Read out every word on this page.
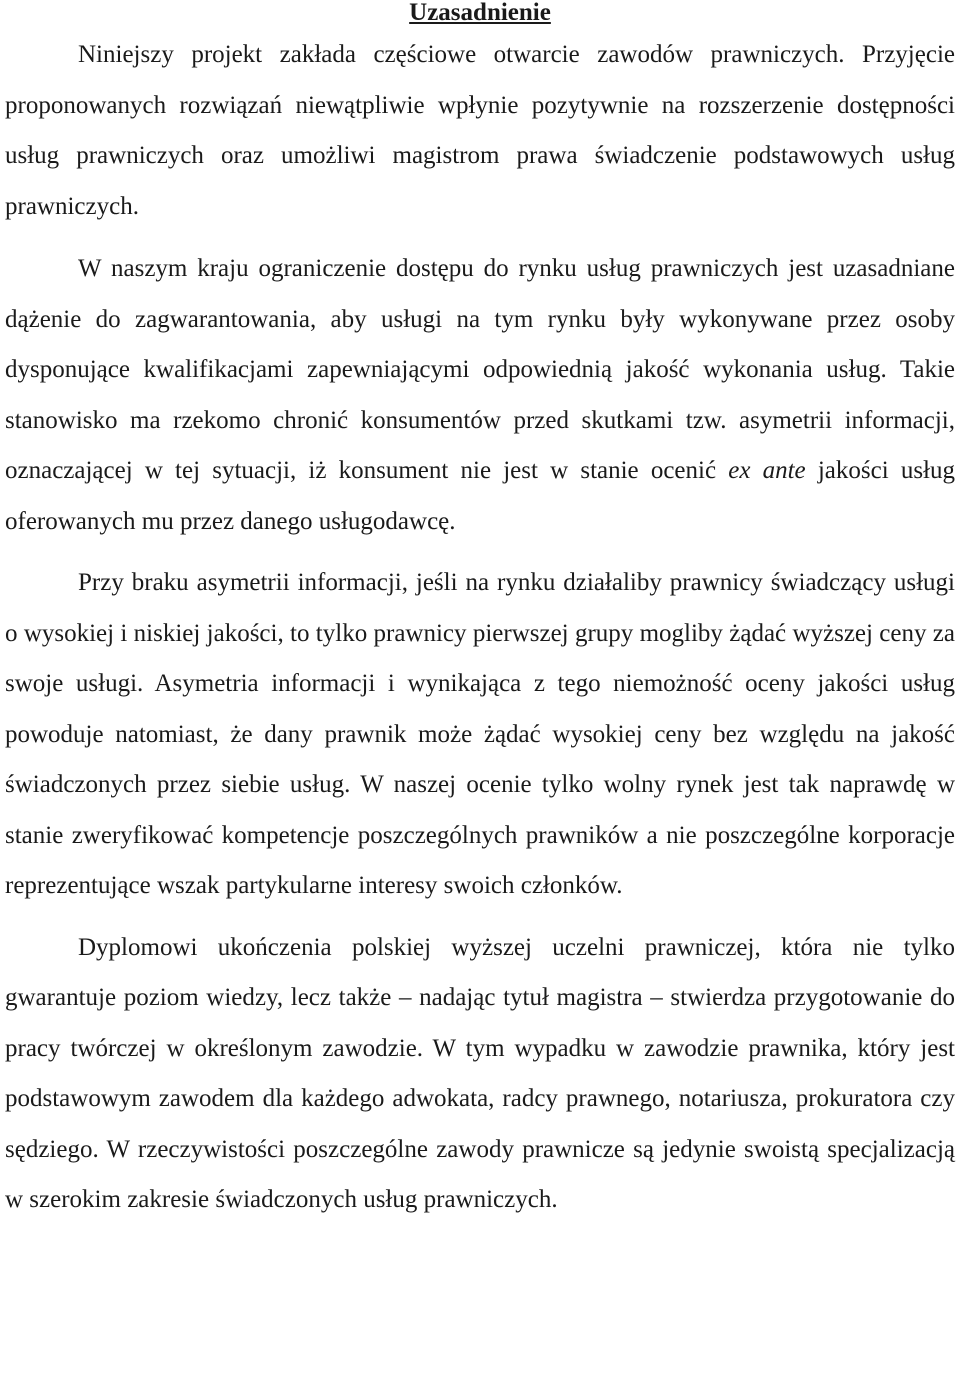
Uzasadnienie

Niniejszy projekt zakłada częściowe otwarcie zawodów prawniczych. Przyjęcie proponowanych rozwiązań niewątpliwie wpłynie pozytywnie na rozszerzenie dostępności usług prawniczych oraz umożliwi magistrom prawa świadczenie podstawowych usług prawniczych.

W naszym kraju ograniczenie dostępu do rynku usług prawniczych jest uzasadniane dążenie do zagwarantowania, aby usługi na tym rynku były wykonywane przez osoby dysponujące kwalifikacjami zapewniającymi odpowiednią jakość wykonania usług. Takie stanowisko ma rzekomo chronić konsumentów przed skutkami tzw. asymetrii informacji, oznaczającej w tej sytuacji, iż konsument nie jest w stanie ocenić ex ante jakości usług oferowanych mu przez danego usługodawcę.

Przy braku asymetrii informacji, jeśli na rynku działaliby prawnicy świadczący usługi o wysokiej i niskiej jakości, to tylko prawnicy pierwszej grupy mogliby żądać wyższej ceny za swoje usługi. Asymetria informacji i wynikająca z tego niemożność oceny jakości usług powoduje natomiast, że dany prawnik może żądać wysokiej ceny bez względu na jakość świadczonych przez siebie usług. W naszej ocenie tylko wolny rynek jest tak naprawdę w stanie zweryfikować kompetencje poszczególnych prawników a nie poszczególne korporacje reprezentujące wszak partykularne interesy swoich członków.

Dyplomowi ukończenia polskiej wyższej uczelni prawniczej, która nie tylko gwarantuje poziom wiedzy, lecz także – nadając tytuł magistra – stwierdza przygotowanie do pracy twórczej w określonym zawodzie. W tym wypadku w zawodzie prawnika, który jest podstawowym zawodem dla każdego adwokata, radcy prawnego, notariusza, prokuratora czy sędziego. W rzeczywistości poszczególne zawody prawnicze są jedynie swoistą specjalizacją w szerokim zakresie świadczonych usług prawniczych.
